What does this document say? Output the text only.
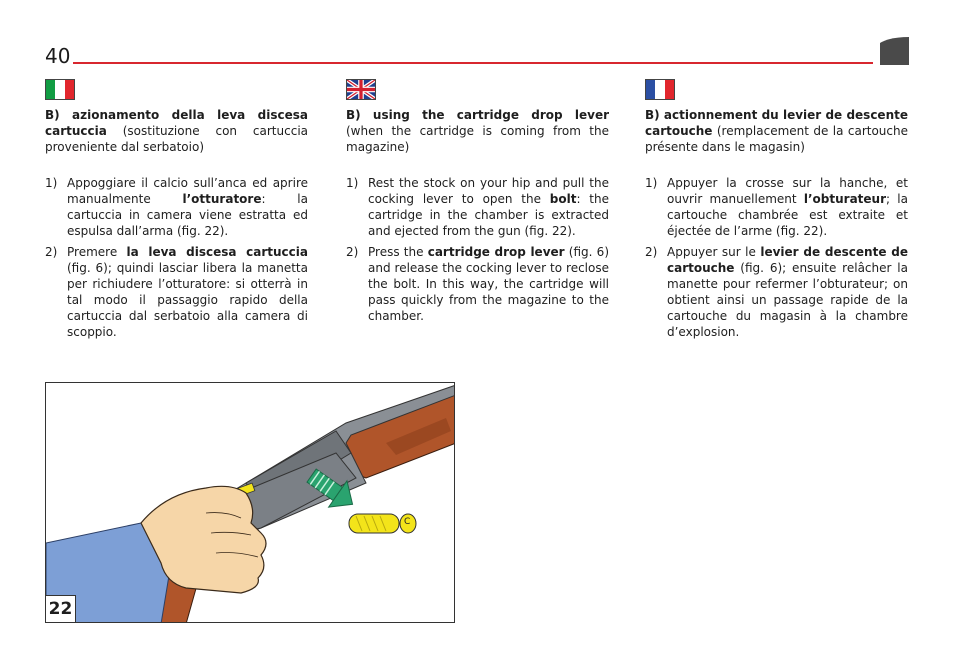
40

B) azionamento della leva discesa cartuccia (sostituzione con cartuccia proveniente dal serbatoio)

1) Appoggiare il calcio sull’anca ed aprire manualmente l’otturatore: la cartuccia in camera viene estratta ed espulsa dall’arma (fig. 22).
2) Premere la leva discesa cartuccia (fig. 6); quindi lasciar libera la manetta per richiudere l’otturatore: si otterrà in tal modo il passaggio rapido della cartuccia dal serbatoio alla camera di scoppio.

B) using the cartridge drop lever (when the cartridge is coming from the magazine)

1) Rest the stock on your hip and pull the cocking lever to open the bolt: the cartridge in the chamber is extracted and ejected from the gun (fig. 22).
2) Press the cartridge drop lever (fig. 6) and release the cocking lever to reclose the bolt. In this way, the cartridge will pass quickly from the magazine to the chamber.

B) actionnement du levier de descente cartouche (remplacement de la cartouche présente dans le magasin)

1) Appuyer la crosse sur la hanche, et ouvrir manuellement l’obturateur; la cartouche chambrée est extraite et éjectée de l’arme (fig. 22).
2) Appuyer sur le levier de descente de cartouche (fig. 6); ensuite relâcher la manette pour refermer l’obturateur; on obtient ainsi un passage rapide de la cartouche du magasin à la chambre d’explosion.
C
22
